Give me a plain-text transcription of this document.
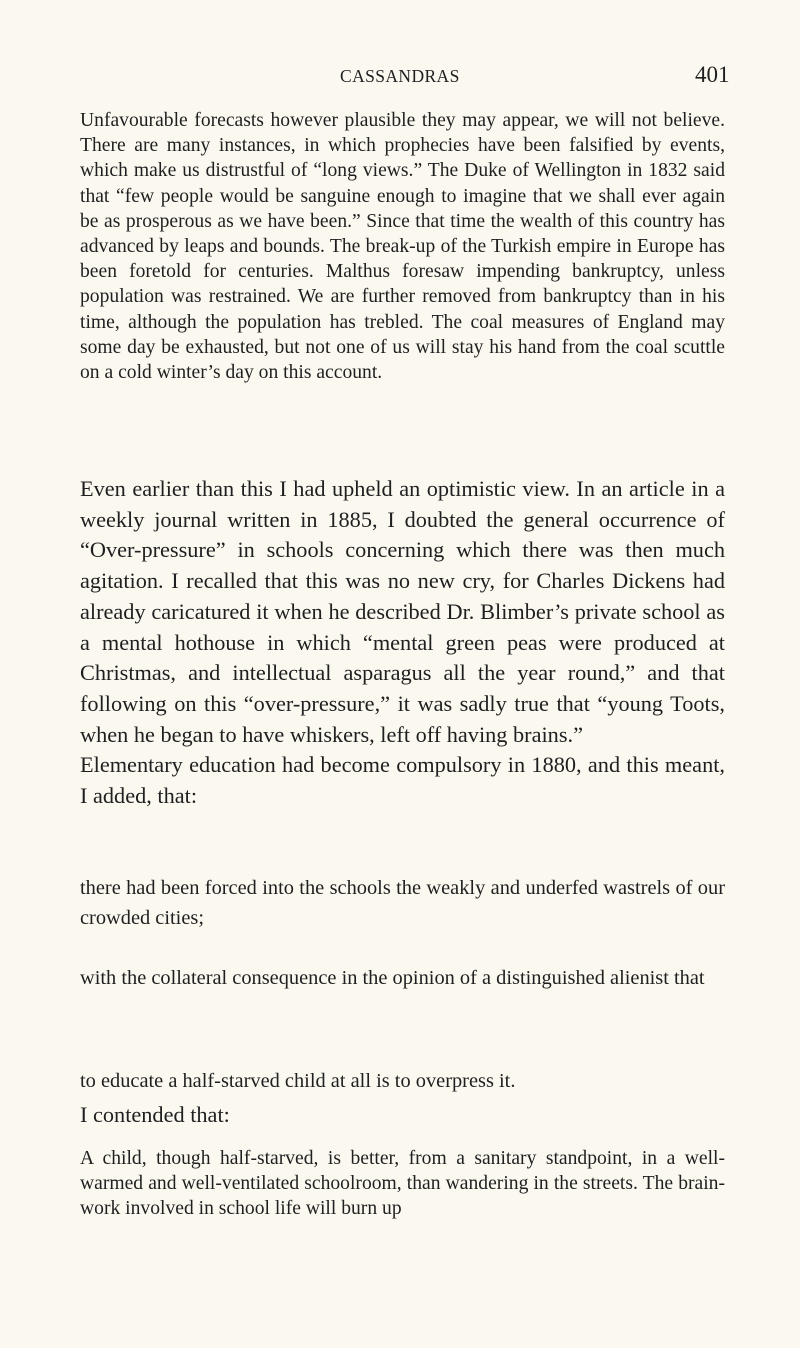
CASSANDRAS	401

Unfavourable forecasts however plausible they may appear, we will not believe. There are many instances, in which prophecies have been falsified by events, which make us distrustful of “long views.” The Duke of Wellington in 1832 said that “few people would be sanguine enough to imagine that we shall ever again be as prosperous as we have been.” Since that time the wealth of this country has advanced by leaps and bounds. The break-up of the Turkish empire in Europe has been foretold for centuries. Malthus foresaw impending bankruptcy, unless population was restrained. We are further removed from bankruptcy than in his time, although the population has trebled. The coal measures of England may some day be exhausted, but not one of us will stay his hand from the coal scuttle on a cold winter’s day on this account.

Even earlier than this I had upheld an optimistic view. In an article in a weekly journal written in 1885, I doubted the general occurrence of “Over-pressure” in schools concerning which there was then much agitation. I recalled that this was no new cry, for Charles Dickens had already caricatured it when he described Dr. Blimber’s private school as a mental hothouse in which “mental green peas were produced at Christmas, and intellectual asparagus all the year round,” and that following on this “over-pressure,” it was sadly true that “young Toots, when he began to have whiskers, left off having brains.”

Elementary education had become compulsory in 1880, and this meant, I added, that:

there had been forced into the schools the weakly and underfed wastrels of our crowded cities;

with the collateral consequence in the opinion of a distinguished alienist that

to educate a half-starved child at all is to overpress it.

I contended that:

A child, though half-starved, is better, from a sanitary standpoint, in a well-warmed and well-ventilated schoolroom, than wandering in the streets. The brain-work involved in school life will burn up
